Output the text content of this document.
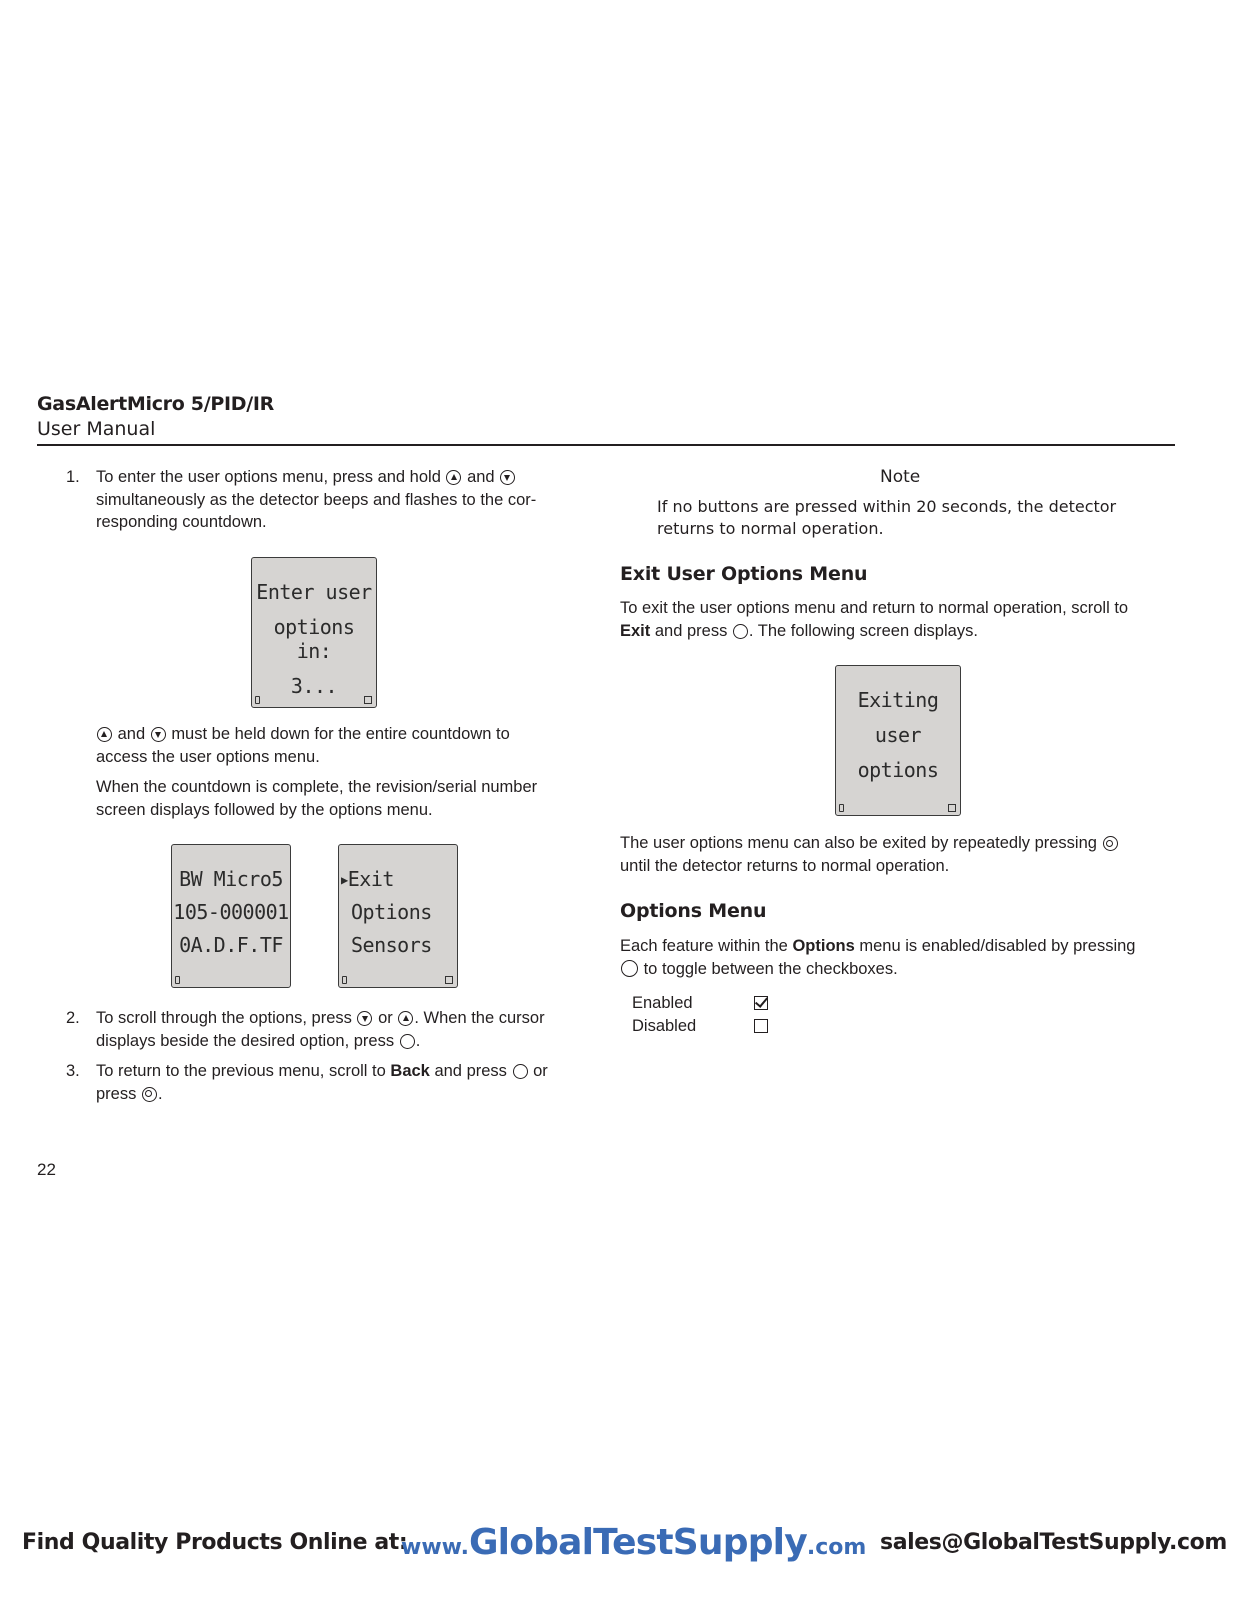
GasAlertMicro 5/PID/IR
User Manual
1. To enter the user options menu, press and hold and
simultaneously as the detector beeps and flashes to the cor-
responding countdown.
Enter user
options in:
3...
and must be held down for the entire countdown to
access the user options menu.
When the countdown is complete, the revision/serial number
screen displays followed by the options menu.
BW Micro5
105-000001
0A.D.F.TF
▶Exit
Options
Sensors
2. To scroll through the options, press or . When the cursor
displays beside the desired option, press .
3. To return to the previous menu, scroll to Back and press or
press .
22
Note
If no buttons are pressed within 20 seconds, the detector returns to normal operation.
Exit User Options Menu
To exit the user options menu and return to normal operation, scroll to
Exit and press . The following screen displays.
Exiting
user
options
The user options menu can also be exited by repeatedly pressing
until the detector returns to normal operation.
Options Menu
Each feature within the Options menu is enabled/disabled by pressing
to toggle between the checkboxes.
Enabled
Disabled
Find Quality Products Online at:
www.GlobalTestSupply.com sales@GlobalTestSupply.com
